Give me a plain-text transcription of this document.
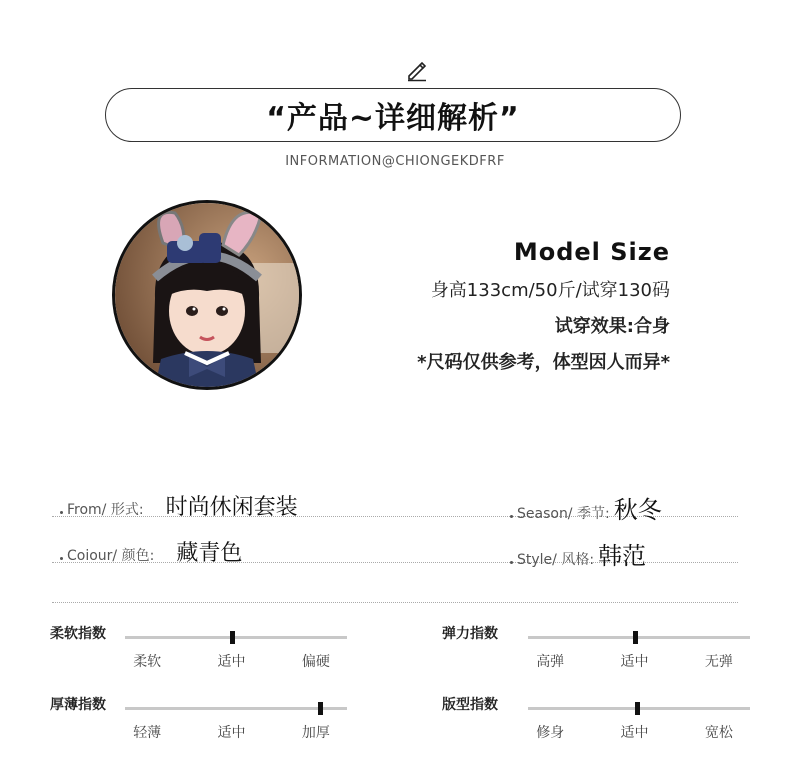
“产品~详细解析”
INFORMATION@CHIONGEKDFRF
Model Size
身高133cm/50斤/试穿130码
试穿效果:合身
*尺码仅供参考，体型因人而异*
From/ 形式: 时尚休闲套装	Season/ 季节: 秋冬
Coiour/ 颜色: 藏青色	Style/ 风格: 韩范
柔软指数
柔软	适中	偏硬
弹力指数
高弹	适中	无弹
厚薄指数
轻薄	适中	加厚
版型指数
修身	适中	宽松
